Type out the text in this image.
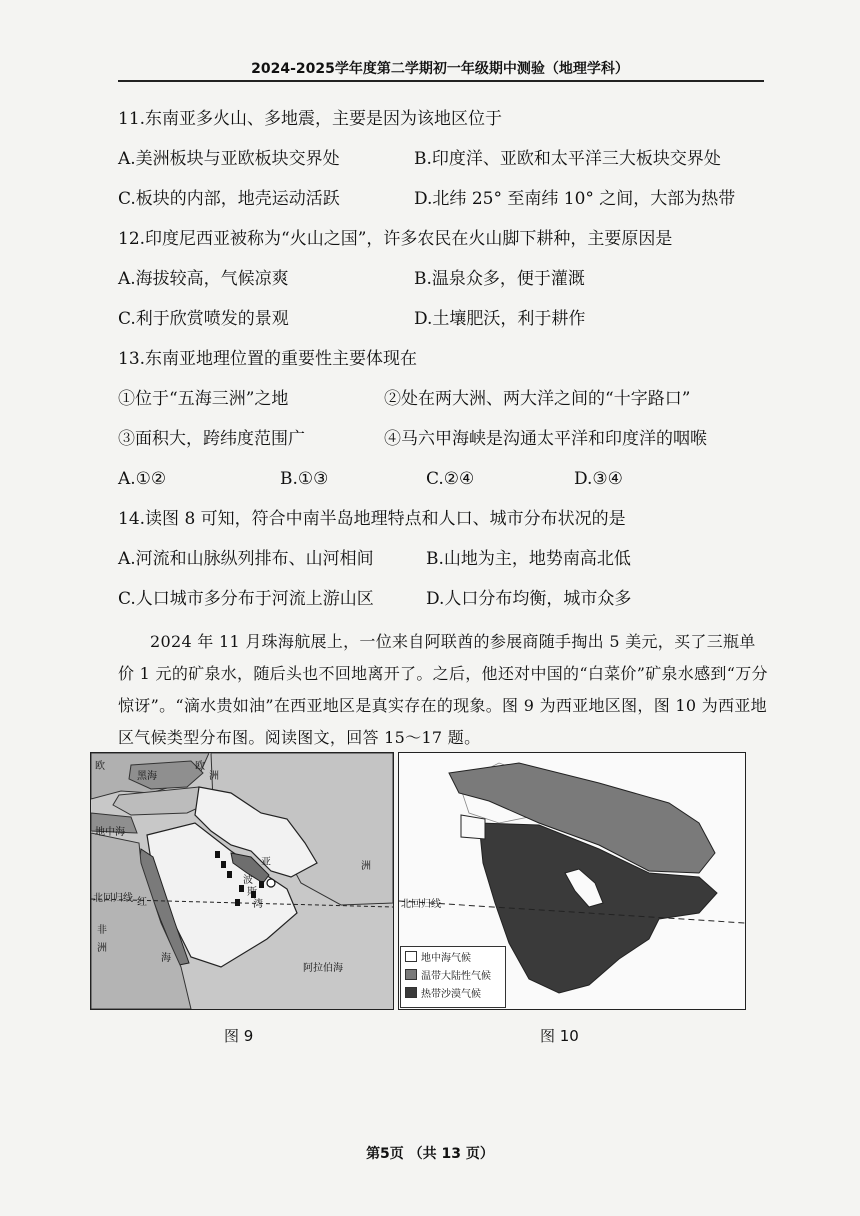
2024-2025学年度第二学期初一年级期中测验（地理学科）
11.东南亚多火山、多地震，主要是因为该地区位于
A.美洲板块与亚欧板块交界处	B.印度洋、亚欧和太平洋三大板块交界处
C.板块的内部，地壳运动活跃	D.北纬 25° 至南纬 10° 之间，大部为热带
12.印度尼西亚被称为“火山之国”，许多农民在火山脚下耕种，主要原因是
A.海拔较高，气候凉爽	B.温泉众多，便于灌溉
C.利于欣赏喷发的景观	D.土壤肥沃，利于耕作
13.东南亚地理位置的重要性主要体现在
①位于“五海三洲”之地	②处在两大洲、两大洋之间的“十字路口”
③面积大，跨纬度范围广	④马六甲海峡是沟通太平洋和印度洋的咽喉
A.①②	B.①③	C.②④	D.③④
14.读图 8 可知，符合中南半岛地理特点和人口、城市分布状况的是
A.河流和山脉纵列排布、山河相间	B.山地为主，地势南高北低
C.人口城市多分布于河流上游山区	D.人口分布均衡，城市众多
2024 年 11 月珠海航展上，一位来自阿联酋的参展商随手掏出 5 美元，买了三瓶单价 1 元的矿泉水，随后头也不回地离开了。之后，他还对中国的“白菜价”矿泉水感到“万分惊讶”。“滴水贵如油”在西亚地区是真实存在的现象。图 9 为西亚地区图，图 10 为西亚地区气候类型分布图。阅读图文，回答 15～17 题。
欧
黑海
欧
洲
地中海
亚	洲
波
斯
湾
北回归线 红
海
非
洲
阿拉伯海
北回归线
地中海气候
温带大陆性气候
热带沙漠气候
图 9	图 10
第5页 （共 13 页）
